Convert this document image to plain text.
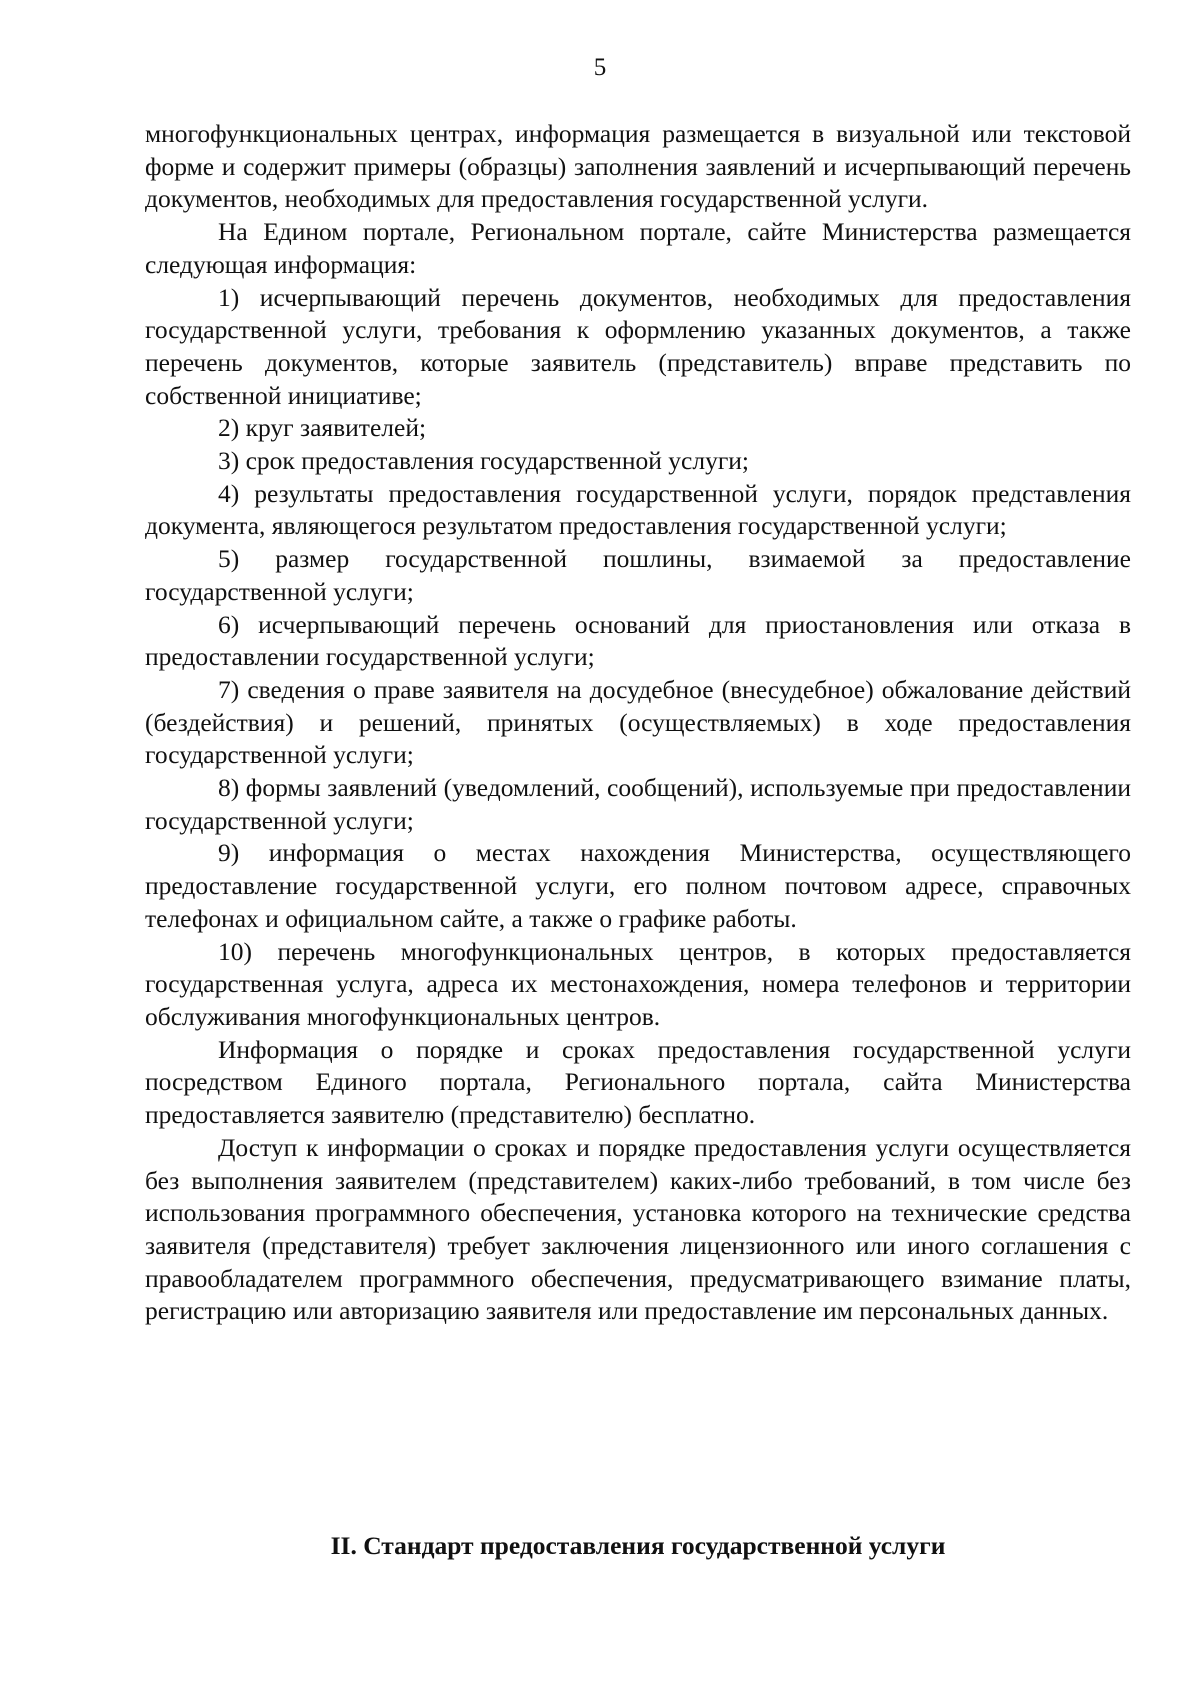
5

многофункциональных центрах, информация размещается в визуальной или текстовой форме и содержит примеры (образцы) заполнения заявлений и исчерпывающий перечень документов, необходимых для предоставления государственной услуги.

На Едином портале, Региональном портале, сайте Министерства размещается следующая информация:

1) исчерпывающий перечень документов, необходимых для предоставления государственной услуги, требования к оформлению указанных документов, а также перечень документов, которые заявитель (представитель) вправе представить по собственной инициативе;

2) круг заявителей;

3) срок предоставления государственной услуги;

4) результаты предоставления государственной услуги, порядок представления документа, являющегося результатом предоставления государственной услуги;

5) размер государственной пошлины, взимаемой за предоставление государственной услуги;

6) исчерпывающий перечень оснований для приостановления или отказа в предоставлении государственной услуги;

7) сведения о праве заявителя на досудебное (внесудебное) обжалование действий (бездействия) и решений, принятых (осуществляемых) в ходе предоставления государственной услуги;

8) формы заявлений (уведомлений, сообщений), используемые при предоставлении государственной услуги;

9) информация о местах нахождения Министерства, осуществляющего предоставление государственной услуги, его полном почтовом адресе, справочных телефонах и официальном сайте, а также о графике работы.

10) перечень многофункциональных центров, в которых предоставляется государственная услуга, адреса их местонахождения, номера телефонов и территории обслуживания многофункциональных центров.

Информация о порядке и сроках предоставления государственной услуги посредством Единого портала, Регионального портала, сайта Министерства предоставляется заявителю (представителю) бесплатно.

Доступ к информации о сроках и порядке предоставления услуги осуществляется без выполнения заявителем (представителем) каких-либо требований, в том числе без использования программного обеспечения, установка которого на технические средства заявителя (представителя) требует заключения лицензионного или иного соглашения с правообладателем программного обеспечения, предусматривающего взимание платы, регистрацию или авторизацию заявителя или предоставление им персональных данных.

II. Стандарт предоставления государственной услуги
